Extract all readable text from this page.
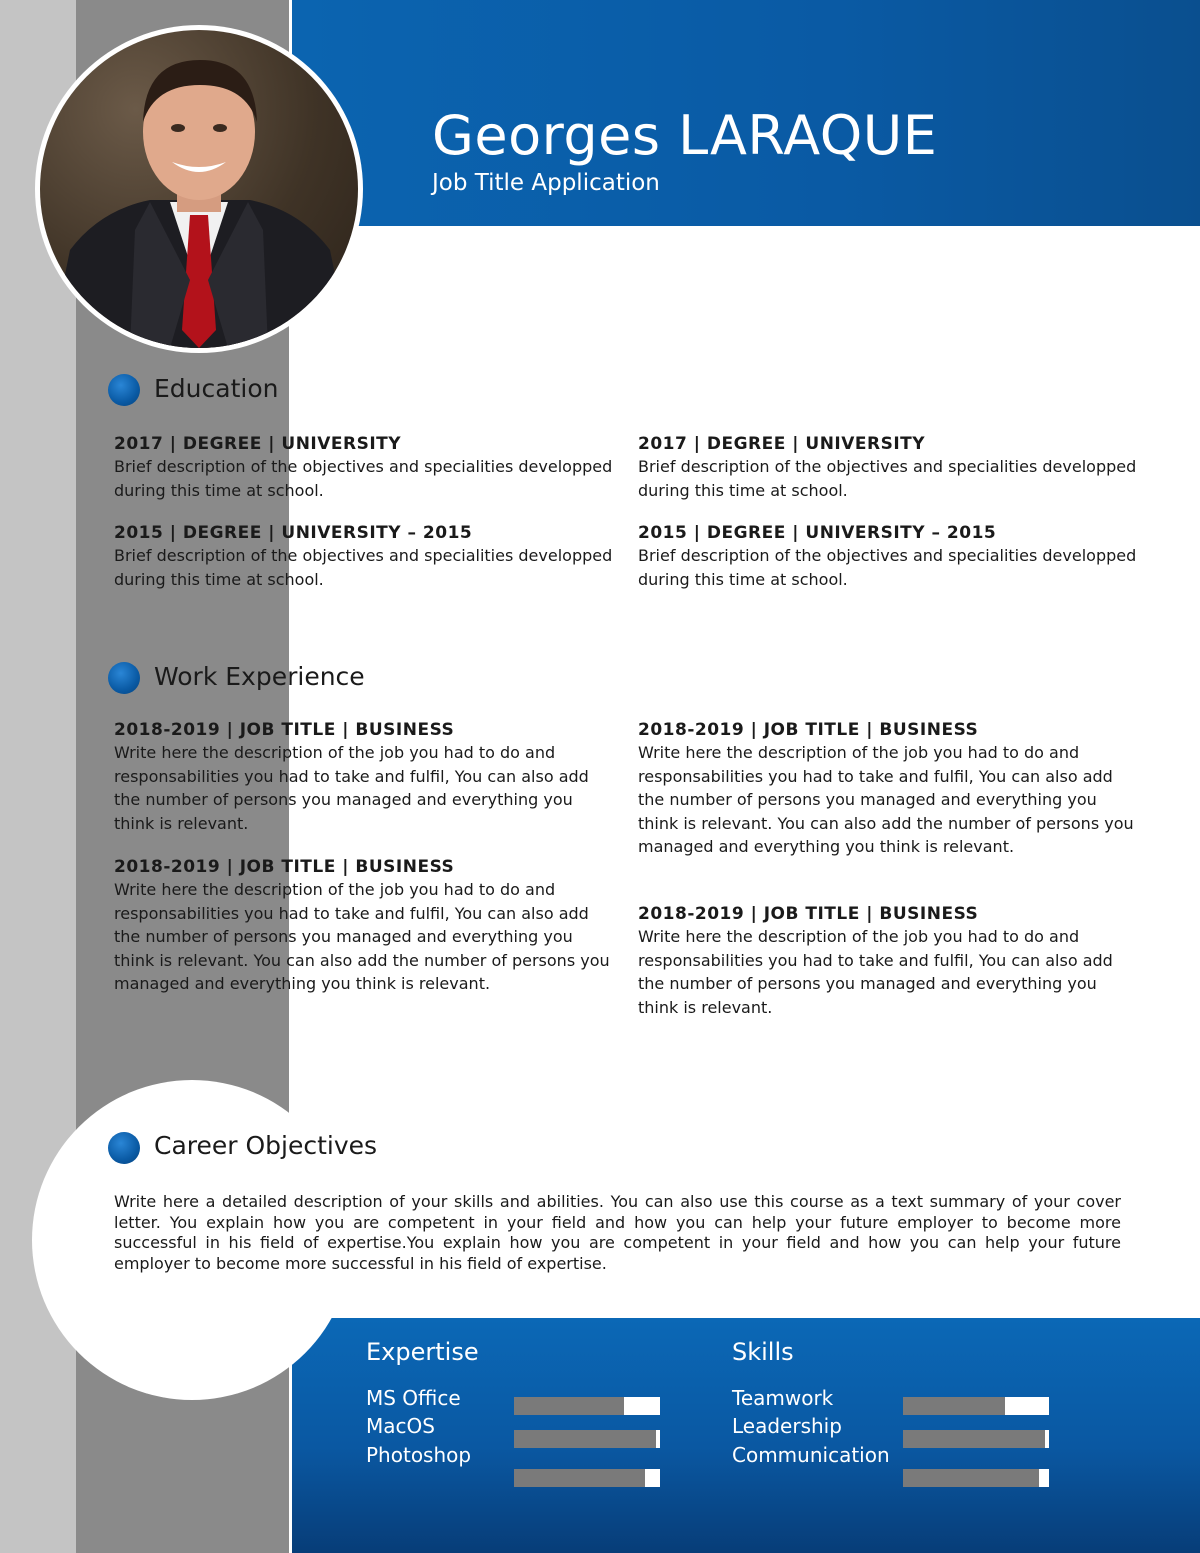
Georges LARAQUE
Job Title Application
Education
2017 | DEGREE | UNIVERSITY
Brief description of the objectives and specialities developped during this time at school.
2017 | DEGREE | UNIVERSITY
Brief description of the objectives and specialities developped during this time at school.
2015 | DEGREE | UNIVERSITY – 2015
Brief description of the objectives and specialities developped during this time at school.
2015 | DEGREE | UNIVERSITY – 2015
Brief description of the objectives and specialities developped during this time at school.
Work Experience
2018-2019 | JOB TITLE | BUSINESS
Write here the description of the job you had to do and responsabilities you had to take and fulfil, You can also add the number of persons you managed and everything you think is relevant.
2018-2019 | JOB TITLE | BUSINESS
Write here the description of the job you had to do and responsabilities you had to take and fulfil, You can also add the number of persons you managed and everything you think is relevant. You can also add the number of persons you managed and everything you think is relevant.
2018-2019 | JOB TITLE | BUSINESS
Write here the description of the job you had to do and responsabilities you had to take and fulfil, You can also add the number of persons you managed and everything you think is relevant. You can also add the number of persons you managed and everything you think is relevant.
2018-2019 | JOB TITLE | BUSINESS
Write here the description of the job you had to do and responsabilities you had to take and fulfil, You can also add the number of persons you managed and everything you think is relevant.
Career Objectives
Write here a detailed description of your skills and abilities. You can also use this course as a text summary of your cover letter. You explain how you are competent in your field and how you can help your future employer to become more successful in his field of expertise.You explain how you are competent in your field and how you can help your future employer to become more successful in his field of expertise.
Expertise
MS Office
MacOS
Photoshop
Skills
Teamwork
Leadership
Communication
